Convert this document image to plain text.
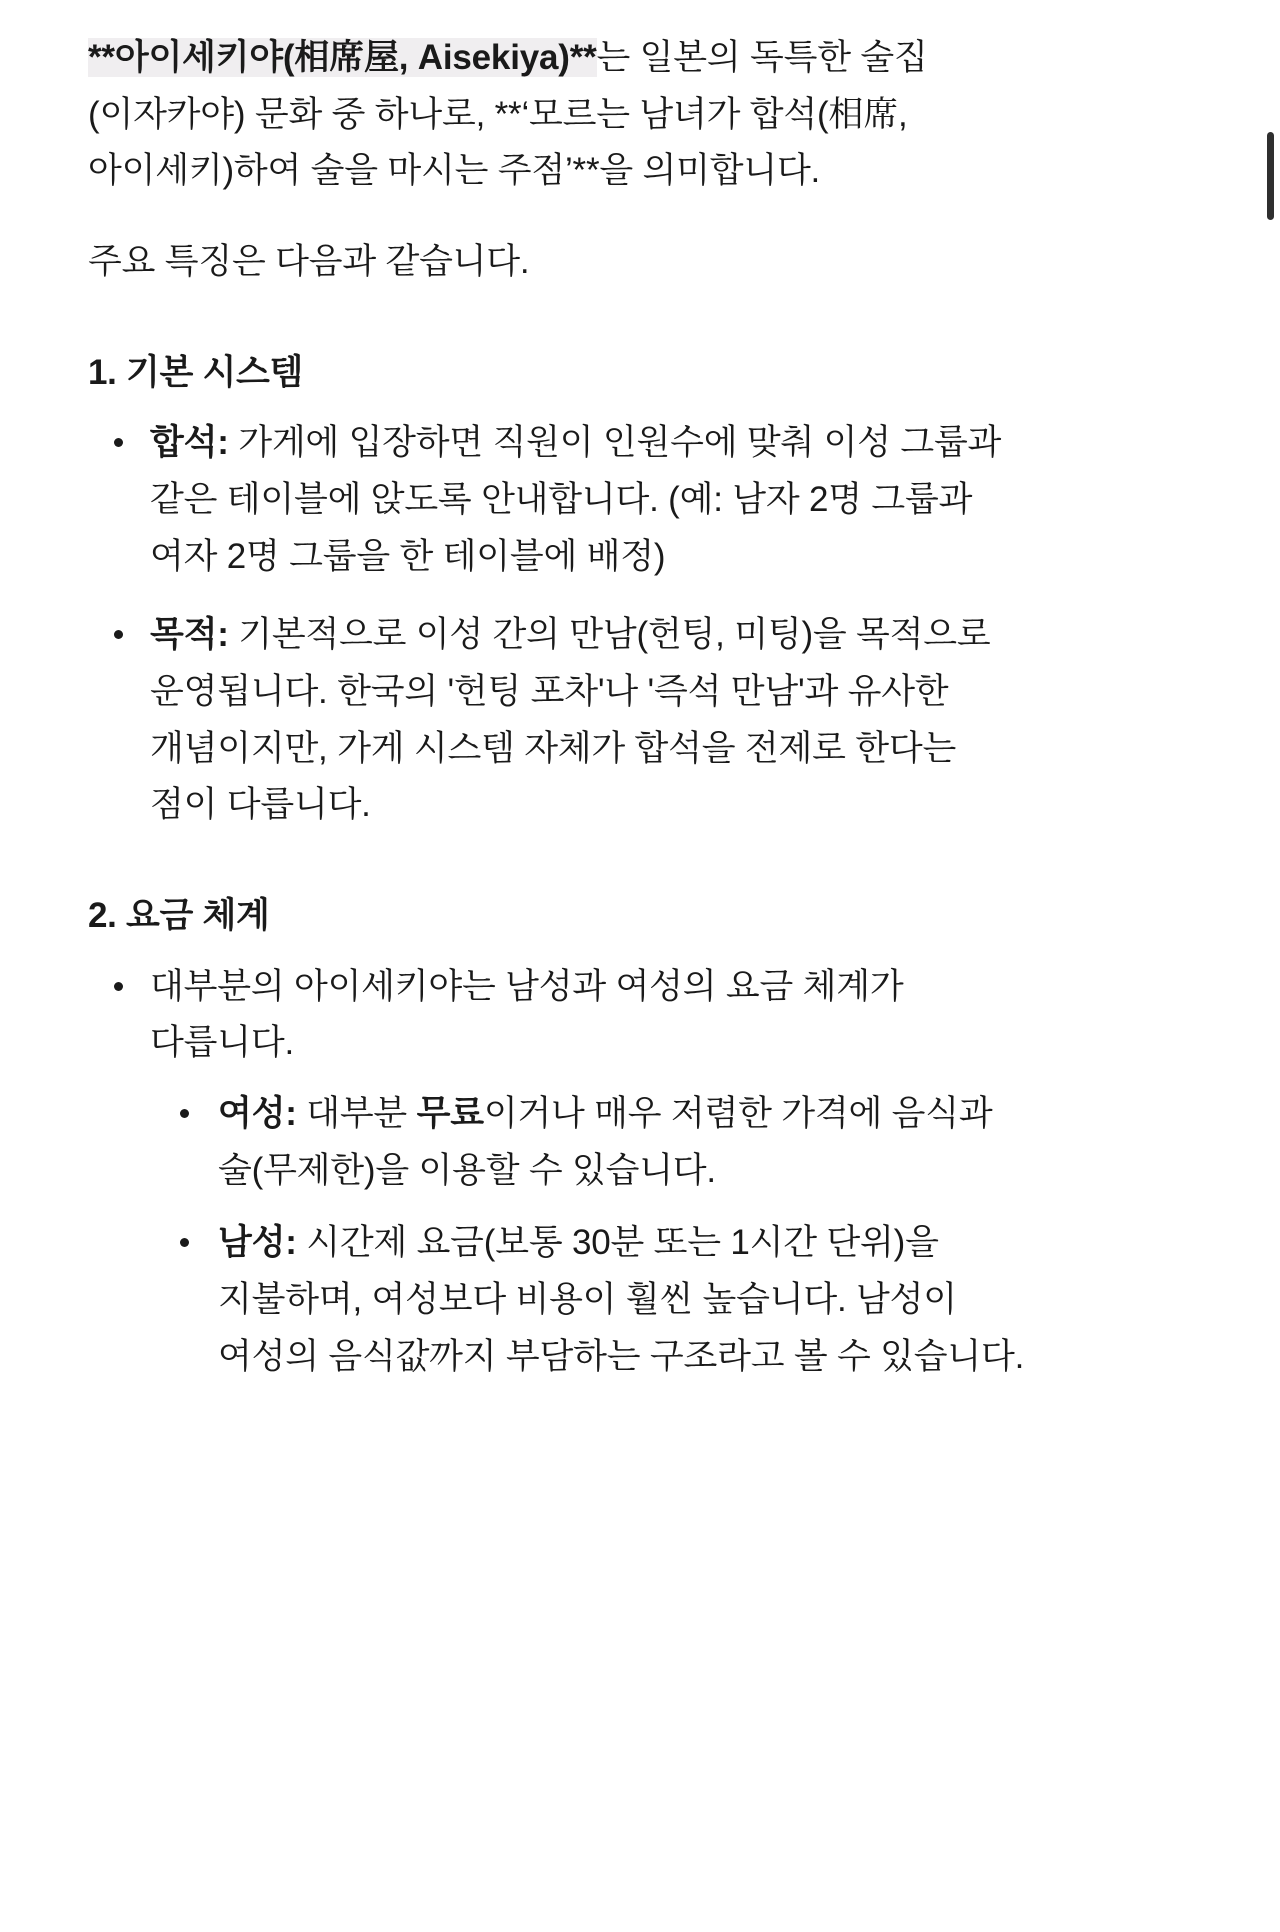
**아이세키야(相席屋, Aisekiya)**는 일본의 독특한 술집(이자카야) 문화 중 하나로, **‘모르는 남녀가 합석(相席, 아이세키)하여 술을 마시는 주점’**을 의미합니다.

주요 특징은 다음과 같습니다.

1. 기본 시스템
합석: 가게에 입장하면 직원이 인원수에 맞춰 이성 그룹과 같은 테이블에 앉도록 안내합니다. (예: 남자 2명 그룹과 여자 2명 그룹을 한 테이블에 배정)
목적: 기본적으로 이성 간의 만남(헌팅, 미팅)을 목적으로 운영됩니다. 한국의 '헌팅 포차'나 '즉석 만남'과 유사한 개념이지만, 가게 시스템 자체가 합석을 전제로 한다는 점이 다릅니다.
2. 요금 체계
대부분의 아이세키야는 남성과 여성의 요금 체계가 다릅니다.
여성: 대부분 무료이거나 매우 저렴한 가격에 음식과 술(무제한)을 이용할 수 있습니다.
남성: 시간제 요금(보통 30분 또는 1시간 단위)을 지불하며, 여성보다 비용이 훨씬 높습니다. 남성이 여성의 음식값까지 부담하는 구조라고 볼 수 있습니다.
